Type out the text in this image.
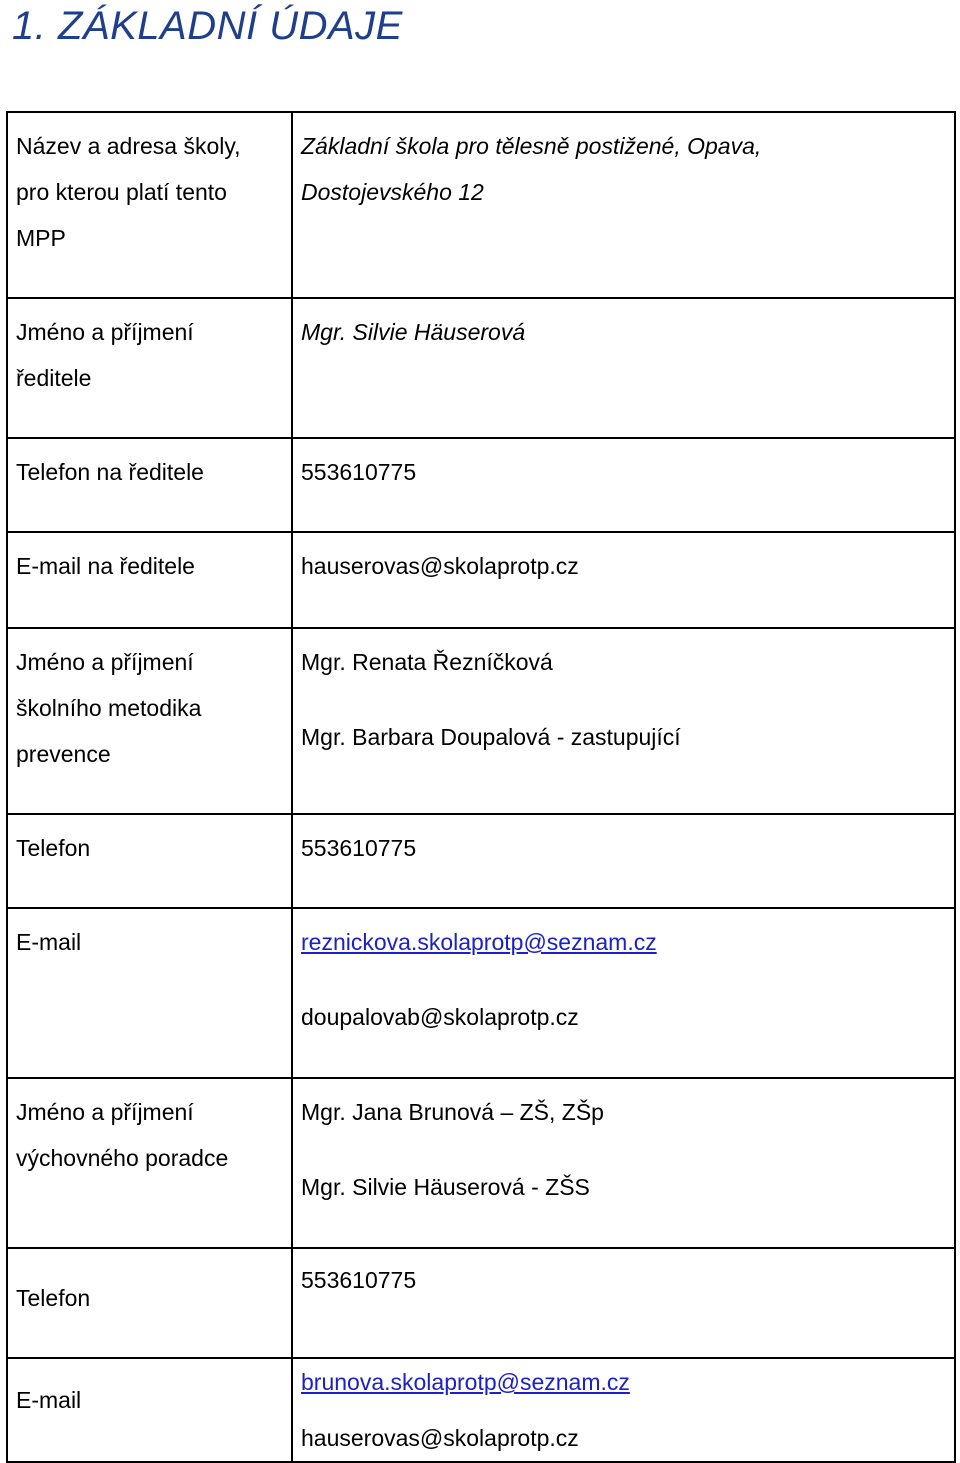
1. ZÁKLADNÍ ÚDAJE
Název a adresa školy,
pro kterou platí tento
MPP	Základní škola pro tělesně postižené, Opava,
Dostojevského 12

Jméno a příjmení
ředitele	Mgr. Silvie Häuserová

Telefon na ředitele	553610775

E-mail na ředitele	hauserovas@skolaprotp.cz

Jméno a příjmení
školního metodika
prevence	Mgr. Renata Řezníčková
Mgr. Barbara Doupalová - zastupující

Telefon	553610775

E-mail	reznickova.skolaprotp@seznam.cz
doupalovab@skolaprotp.cz

Jméno a příjmení
výchovného poradce	Mgr. Jana Brunová – ZŠ, ZŠp
Mgr. Silvie Häuserová - ZŠS

Telefon	553610775

E-mail	brunova.skolaprotp@seznam.cz
hauserovas@skolaprotp.cz
